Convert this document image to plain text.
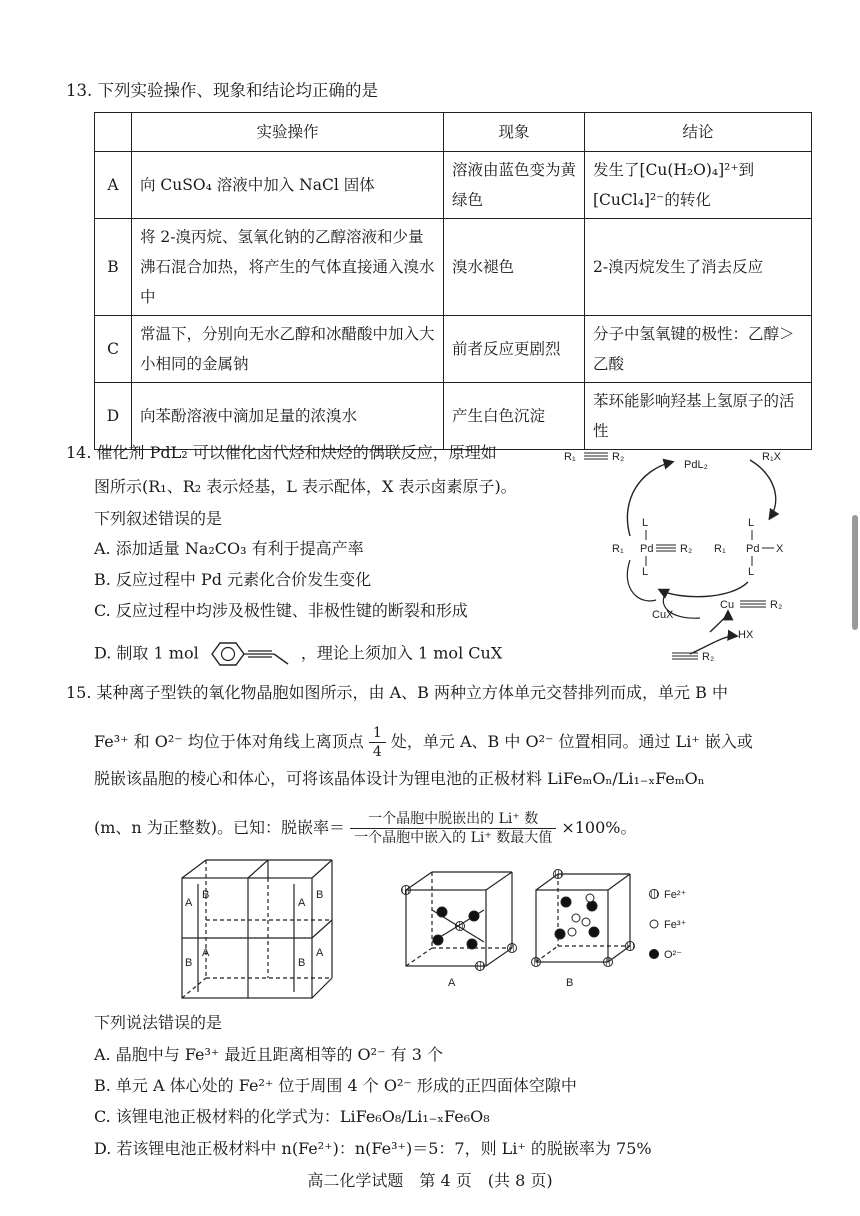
13. 下列实验操作、现象和结论均正确的是
	实验操作	现象	结论
A	向 CuSO₄ 溶液中加入 NaCl 固体	溶液由蓝色变为黄绿色	发生了[Cu(H₂O)₄]²⁺到[CuCl₄]²⁻的转化
B	将 2-溴丙烷、氢氧化钠的乙醇溶液和少量沸石混合加热，将产生的气体直接通入溴水中	溴水褪色	2-溴丙烷发生了消去反应
C	常温下，分别向无水乙醇和冰醋酸中加入大小相同的金属钠	前者反应更剧烈	分子中氢氧键的极性：乙醇＞乙酸
D	向苯酚溶液中滴加足量的浓溴水	产生白色沉淀	苯环能影响羟基上氢原子的活性
14. 催化剂 PdL₂ 可以催化卤代烃和炔烃的偶联反应，原理如
图所示(R₁、R₂ 表示烃基，L 表示配体，X 表示卤素原子)。
下列叙述错误的是
A. 添加适量 Na₂CO₃ 有利于提高产率
B. 反应过程中 Pd 元素化合价发生变化
C. 反应过程中均涉及极性键、非极性键的断裂和形成
D. 制取 1 mol	，理论上须加入 1 mol CuX
R₁	R₂
PdL₂
R₁X
L
R₁ Pd R₂
L
L
R₁ Pd X
L
CuX
Cu	R₂
HX
R₂
15. 某种离子型铁的氧化物晶胞如图所示，由 A、B 两种立方体单元交替排列而成，单元 B 中
Fe³⁺ 和 O²⁻ 均位于体对角线上离顶点 $\frac{1}{4}$ 处，单元 A、B 中 O²⁻ 位置相同。通过 Li⁺ 嵌入或
脱嵌该晶胞的棱心和体心，可将该晶体设计为锂电池的正极材料 LiFeₘOₙ/Li₁₋ₓFeₘOₙ
(m、n 为正整数)。已知：脱嵌率＝ $\frac{\text{一个晶胞中脱嵌出的 Li⁺ 数}}{\text{一个晶胞中嵌入的 Li⁺ 数最大值}} \times 100\%$。
A
B
A
B
B
A
B
A
A	B
Fe²⁺
Fe³⁺
O²⁻
下列说法错误的是
A. 晶胞中与 Fe³⁺ 最近且距离相等的 O²⁻ 有 3 个
B. 单元 A 体心处的 Fe²⁺ 位于周围 4 个 O²⁻ 形成的正四面体空隙中
C. 该锂电池正极材料的化学式为：LiFe₆O₈/Li₁₋ₓFe₆O₈
D. 若该锂电池正极材料中 n(Fe²⁺)：n(Fe³⁺)＝5：7，则 Li⁺ 的脱嵌率为 75%
高二化学试题　第 4 页　(共 8 页)
